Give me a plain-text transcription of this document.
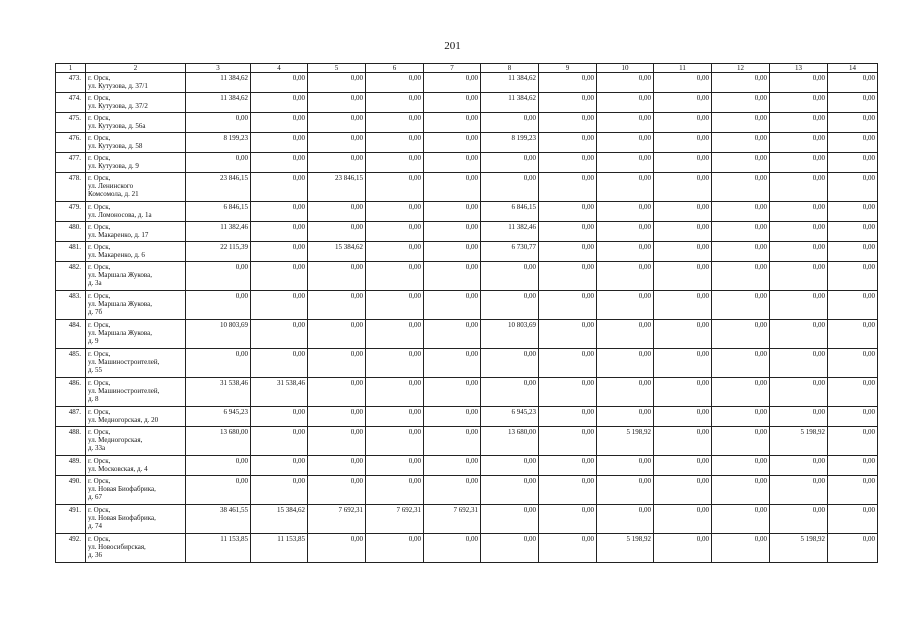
201
1	2	3	4	5	6	7	8	9	10	11	12	13	14
473.	г. Орск,
ул. Кутузова, д. 37/1	11 384,62	0,00	0,00	0,00	0,00	11 384,62	0,00	0,00	0,00	0,00	0,00	0,00
474.	г. Орск,
ул. Кутузова, д. 37/2	11 384,62	0,00	0,00	0,00	0,00	11 384,62	0,00	0,00	0,00	0,00	0,00	0,00
475.	г. Орск,
ул. Кутузова, д. 56а	0,00	0,00	0,00	0,00	0,00	0,00	0,00	0,00	0,00	0,00	0,00	0,00
476.	г. Орск,
ул. Кутузова, д. 58	8 199,23	0,00	0,00	0,00	0,00	8 199,23	0,00	0,00	0,00	0,00	0,00	0,00
477.	г. Орск,
ул. Кутузова, д. 9	0,00	0,00	0,00	0,00	0,00	0,00	0,00	0,00	0,00	0,00	0,00	0,00
478.	г. Орск,
ул. Ленинского
Комсомола, д. 21	23 846,15	0,00	23 846,15	0,00	0,00	0,00	0,00	0,00	0,00	0,00	0,00	0,00
479.	г. Орск,
ул. Ломоносова, д. 1а	6 846,15	0,00	0,00	0,00	0,00	6 846,15	0,00	0,00	0,00	0,00	0,00	0,00
480.	г. Орск,
ул. Макаренко, д. 17	11 382,46	0,00	0,00	0,00	0,00	11 382,46	0,00	0,00	0,00	0,00	0,00	0,00
481.	г. Орск,
ул. Макаренко, д. 6	22 115,39	0,00	15 384,62	0,00	0,00	6 730,77	0,00	0,00	0,00	0,00	0,00	0,00
482.	г. Орск,
ул. Маршала Жукова,
д. 3а	0,00	0,00	0,00	0,00	0,00	0,00	0,00	0,00	0,00	0,00	0,00	0,00
483.	г. Орск,
ул. Маршала Жукова,
д. 7б	0,00	0,00	0,00	0,00	0,00	0,00	0,00	0,00	0,00	0,00	0,00	0,00
484.	г. Орск,
ул. Маршала Жукова,
д. 9	10 803,69	0,00	0,00	0,00	0,00	10 803,69	0,00	0,00	0,00	0,00	0,00	0,00
485.	г. Орск,
ул. Машиностроителей,
д. 55	0,00	0,00	0,00	0,00	0,00	0,00	0,00	0,00	0,00	0,00	0,00	0,00
486.	г. Орск,
ул. Машиностроителей,
д. 8	31 538,46	31 538,46	0,00	0,00	0,00	0,00	0,00	0,00	0,00	0,00	0,00	0,00
487.	г. Орск,
ул. Медногорская, д. 20	6 945,23	0,00	0,00	0,00	0,00	6 945,23	0,00	0,00	0,00	0,00	0,00	0,00
488.	г. Орск,
ул. Медногорская,
д. 33а	13 680,00	0,00	0,00	0,00	0,00	13 680,00	0,00	5 198,92	0,00	0,00	5 198,92	0,00
489.	г. Орск,
ул. Московская, д. 4	0,00	0,00	0,00	0,00	0,00	0,00	0,00	0,00	0,00	0,00	0,00	0,00
490.	г. Орск,
ул. Новая Биофабрика,
д. 67	0,00	0,00	0,00	0,00	0,00	0,00	0,00	0,00	0,00	0,00	0,00	0,00
491.	г. Орск,
ул. Новая Биофабрика,
д. 74	38 461,55	15 384,62	7 692,31	7 692,31	7 692,31	0,00	0,00	0,00	0,00	0,00	0,00	0,00
492.	г. Орск,
ул. Новосибирская,
д. 36	11 153,85	11 153,85	0,00	0,00	0,00	0,00	0,00	5 198,92	0,00	0,00	5 198,92	0,00
